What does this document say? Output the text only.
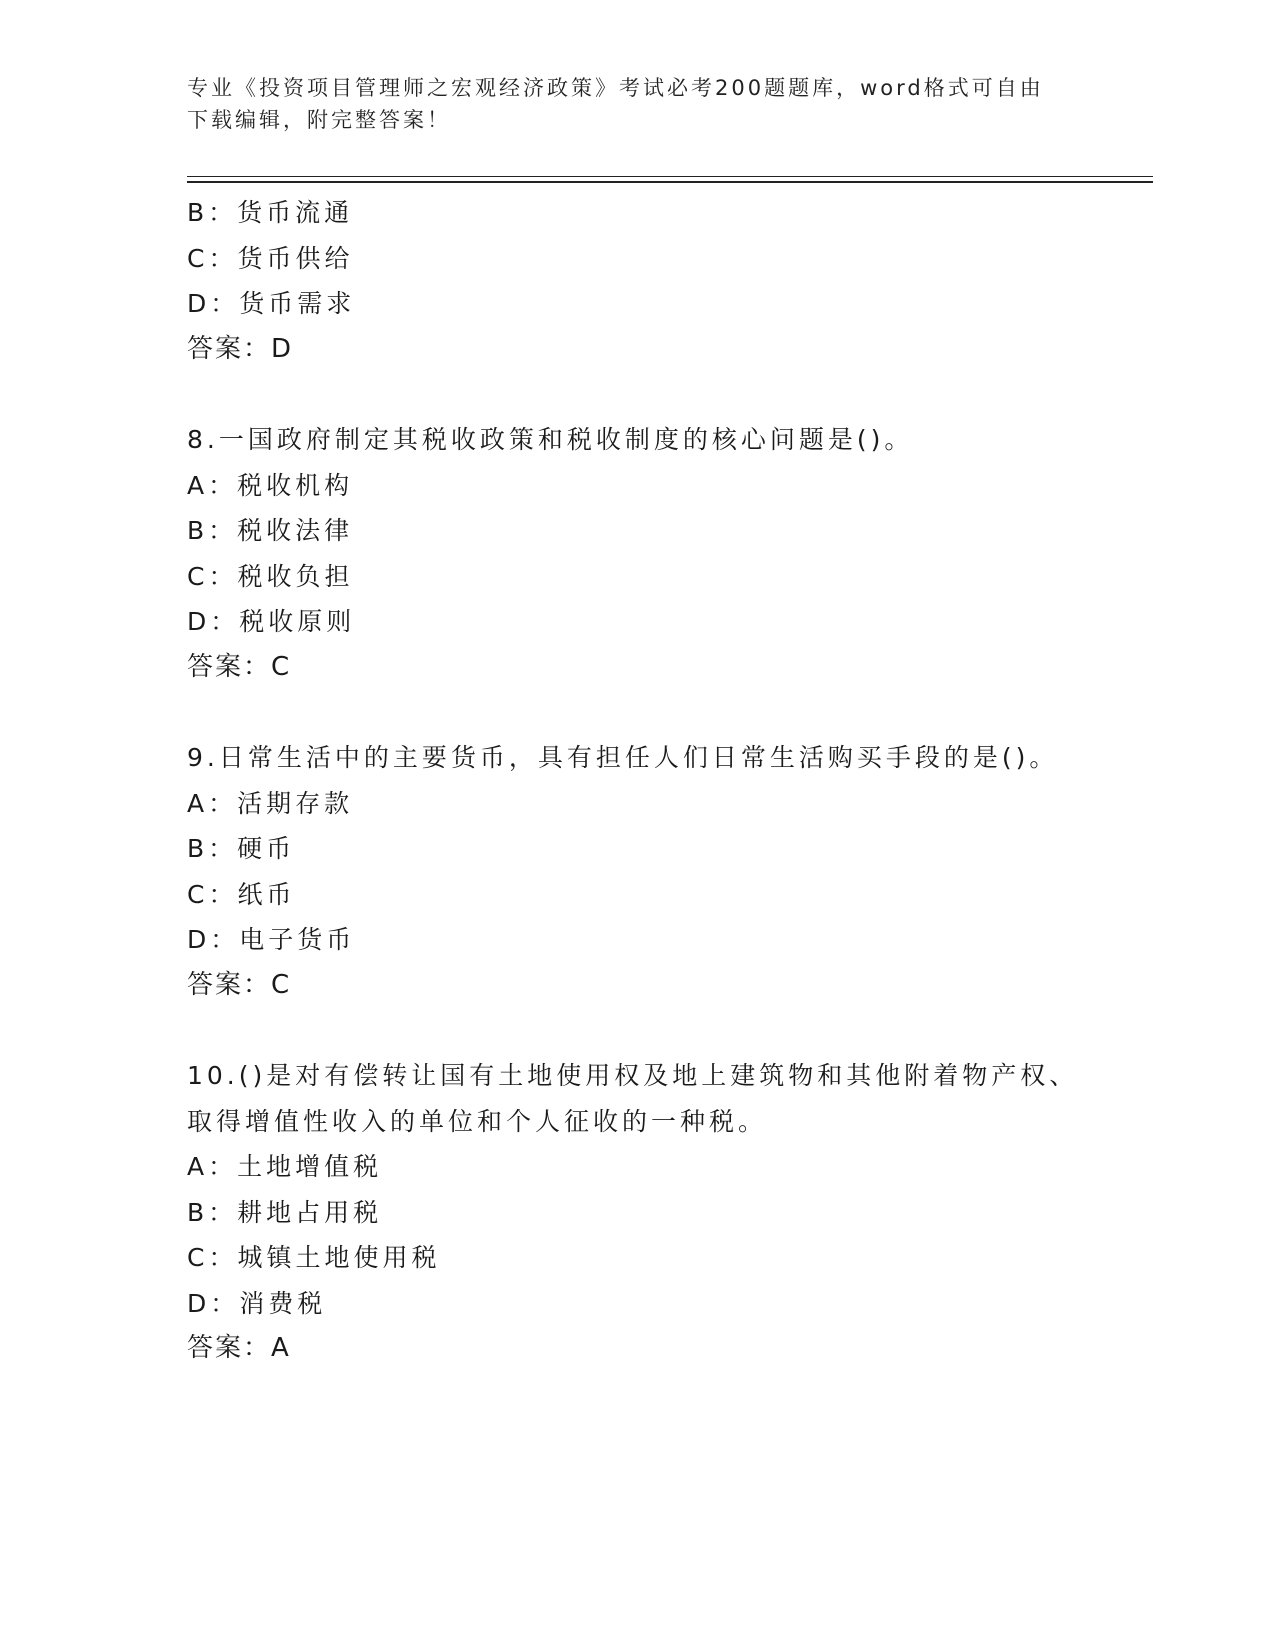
专业《投资项目管理师之宏观经济政策》考试必考200题题库，word格式可自由
下载编辑，附完整答案！
B：货币流通
C：货币供给
D：货币需求
答案：D
8.一国政府制定其税收政策和税收制度的核心问题是()。
A：税收机构
B：税收法律
C：税收负担
D：税收原则
答案：C
9.日常生活中的主要货币，具有担任人们日常生活购买手段的是()。
A：活期存款
B：硬币
C：纸币
D：电子货币
答案：C
10.()是对有偿转让国有土地使用权及地上建筑物和其他附着物产权、
取得增值性收入的单位和个人征收的一种税。
A：土地增值税
B：耕地占用税
C：城镇土地使用税
D：消费税
答案：A
